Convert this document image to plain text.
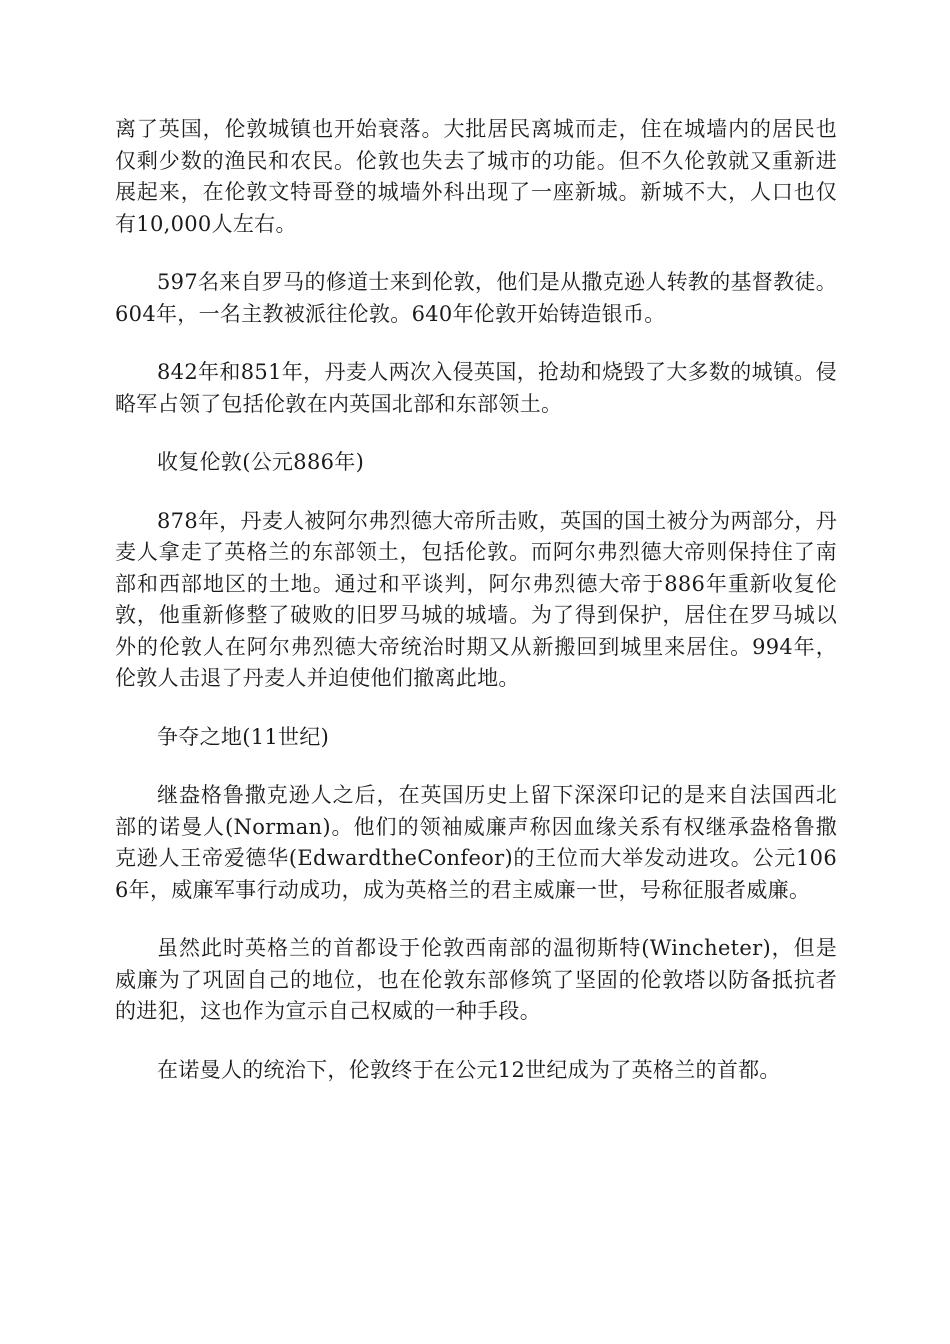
离了英国，伦敦城镇也开始衰落。大批居民离城而走，住在城墙内的居民也仅剩少数的渔民和农民。伦敦也失去了城市的功能。但不久伦敦就又重新进展起来，在伦敦文特哥登的城墙外科出现了一座新城。新城不大，人口也仅有10,000人左右。

597名来自罗马的修道士来到伦敦，他们是从撒克逊人转教的基督教徒。604年，一名主教被派往伦敦。640年伦敦开始铸造银币。

842年和851年，丹麦人两次入侵英国，抢劫和烧毁了大多数的城镇。侵略军占领了包括伦敦在内英国北部和东部领土。

收复伦敦(公元886年)

878年，丹麦人被阿尔弗烈德大帝所击败，英国的国土被分为两部分，丹麦人拿走了英格兰的东部领土，包括伦敦。而阿尔弗烈德大帝则保持住了南部和西部地区的土地。通过和平谈判，阿尔弗烈德大帝于886年重新收复伦敦，他重新修整了破败的旧罗马城的城墙。为了得到保护，居住在罗马城以外的伦敦人在阿尔弗烈德大帝统治时期又从新搬回到城里来居住。994年，伦敦人击退了丹麦人并迫使他们撤离此地。

争夺之地(11世纪)

继盎格鲁撒克逊人之后，在英国历史上留下深深印记的是来自法国西北部的诺曼人(Norman)。他们的领袖威廉声称因血缘关系有权继承盎格鲁撒克逊人王帝爱德华(EdwardtheConfeor)的王位而大举发动进攻。公元1066年，威廉军事行动成功，成为英格兰的君主威廉一世，号称征服者威廉。

虽然此时英格兰的首都设于伦敦西南部的温彻斯特(Wincheter)，但是威廉为了巩固自己的地位，也在伦敦东部修筑了坚固的伦敦塔以防备抵抗者的进犯，这也作为宣示自己权威的一种手段。

在诺曼人的统治下，伦敦终于在公元12世纪成为了英格兰的首都。
